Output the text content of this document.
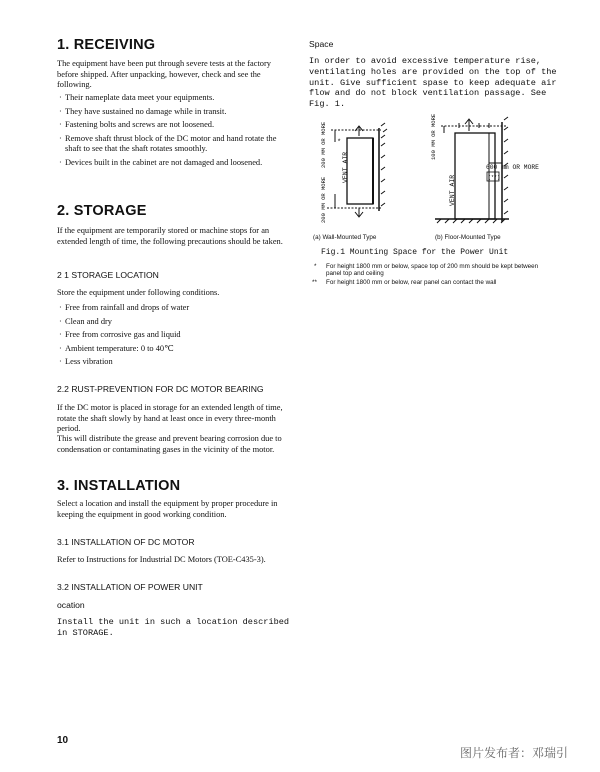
1. RECEIVING
The equipment have been put through severe tests at the factory before shipped. After unpacking, however, check and see the following.
· Their nameplate data meet your equipments.
· They have sustained no damage while in transit.
· Fastening bolts and screws are not loosened.
· Remove shaft thrust block of the DC motor and hand rotate the shaft to see that the shaft rotates smoothly.
· Devices built in the cabinet are not damaged and loosened.
2. STORAGE
If the equipment are temporarily stored or machine stops for an extended length of time, the following precautions should be taken.
2 1 STORAGE LOCATION
Store the equipment under following conditions.
· Free from rainfall and drops of water
· Clean and dry
· Free from corrosive gas and liquid
· Ambient temperature: 0 to 40℃
· Less vibration
2.2 RUST-PREVENTION FOR DC MOTOR BEARING
If the DC motor is placed in storage for an extended length of time, rotate the shaft slowly by hand at least once in every three-month period.
This will distribute the grease and prevent bearing corrosion due to condensation or contaminating gases in the vicinity of the motor.
3. INSTALLATION
Select a location and install the equipment by proper procedure in keeping the equipment in good working condition.
3.1 INSTALLATION OF DC MOTOR
Refer to Instructions for Industrial DC Motors (TOE-C435-3).
3.2 INSTALLATION OF POWER UNIT
ocation
Install the unit in such a location described in STORAGE.
10
Space
In order to avoid excessive temperature rise, ventilating holes are provided on the top of the unit. Give sufficient spase to keep adequate air flow and do not block ventilation passage. See Fig. 1.
200 MM OR MORE VENT AIR
200 MM OR MORE
*	100 MM OR MORE
VENT AIR
600 mm OR MORE
(**)
(a) Wall-Mounted Type	(b) Floor-Mounted Type
Fig.1 Mounting Space for the Power Unit
*	For height 1800 mm or below, space top of 200 mm should be kept between panel top and ceiling
**	For height 1800 mm or below, rear panel can contact the wall
图片发布者：邓瑞引
